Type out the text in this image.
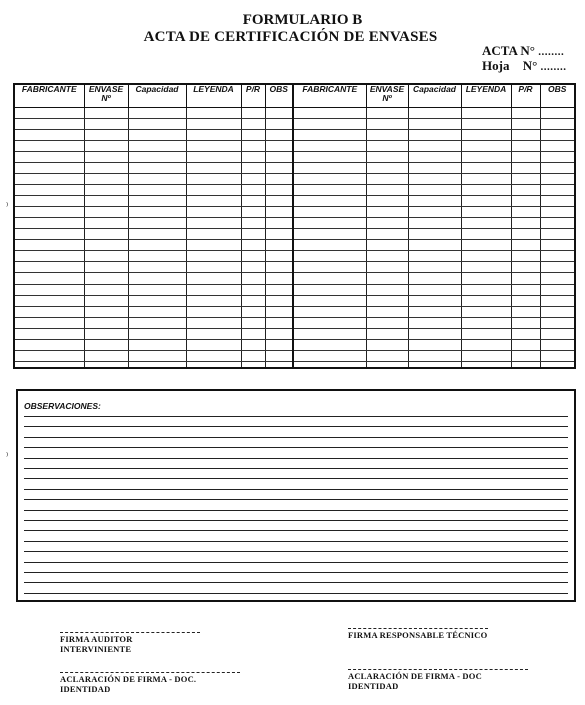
FORMULARIO B
ACTA DE CERTIFICACIÓN DE ENVASES
ACTA N° ........
Hoja N° ........
FABRICANTE	ENVASE Nº	Capacidad	LEYENDA	P/R	OBS	FABRICANTE	ENVASE Nº	Capacidad	LEYENDA	P/R	OBS

OBSERVACIONES:
FIRMA AUDITOR INTERVINIENTE
FIRMA RESPONSABLE TÉCNICO
ACLARACIÓN DE FIRMA - DOC. IDENTIDAD
ACLARACIÓN DE FIRMA - DOC IDENTIDAD
⁾
⁾
